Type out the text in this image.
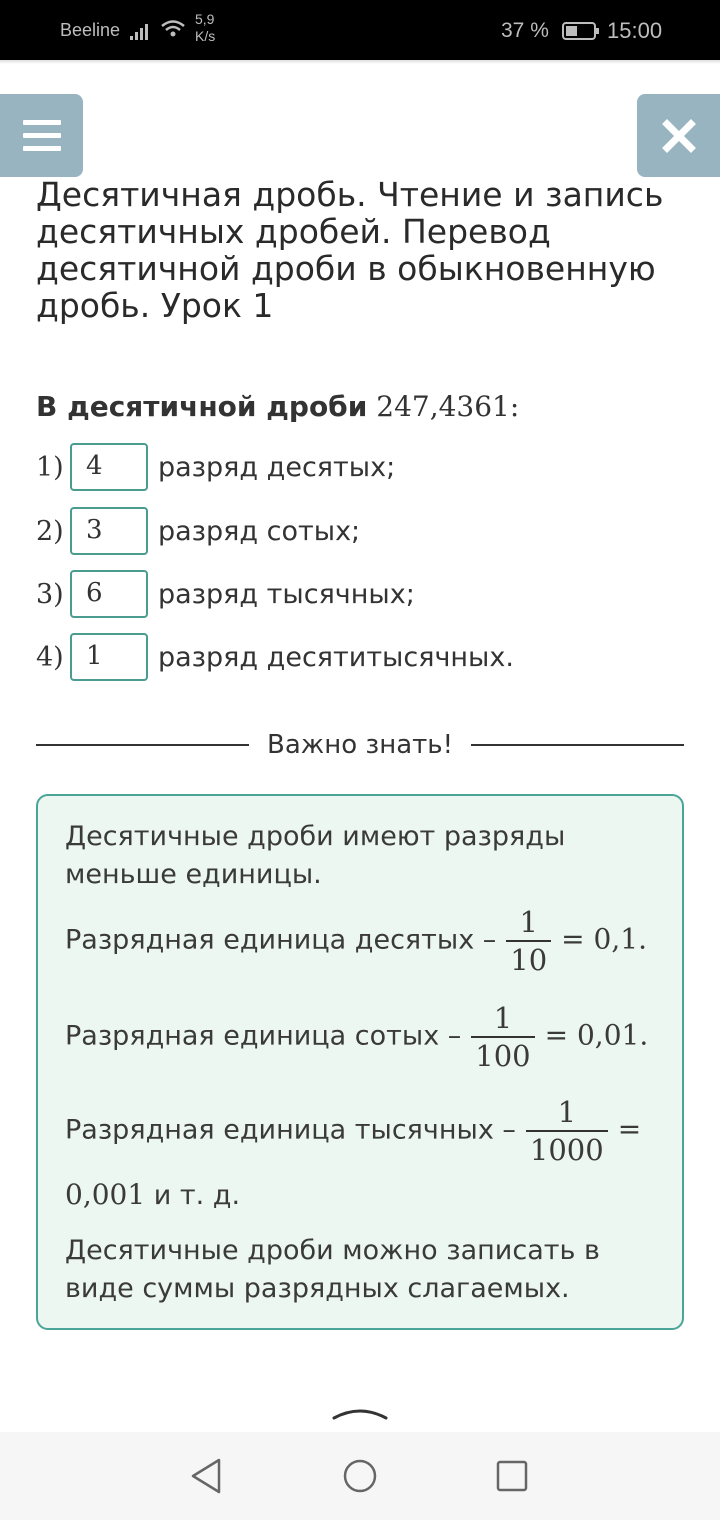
Beeline
5,9
K/s	37 %	15:00
Десятичная дробь. Чтение и запись десятичных дробей. Перевод десятичной дроби в обыкновенную дробь. Урок 1
В десятичной дроби 247,4361:
1) 4	разряд десятых;
2) 3	разряд сотых;
3) 6	разряд тысячных;
4) 1	разряд десятитысячных.
Важно знать!

Десятичные дроби имеют разряды меньше единицы.

Разрядная единица десятых – $\frac{1}{10} = 0,1$.

Разрядная единица сотых – $\frac{1}{100} = 0,01$.

Разрядная единица тысячных – $\frac{1}{1000}$ =

0,001 и т. д.

Десятичные дроби можно записать в виде суммы разрядных слагаемых.
